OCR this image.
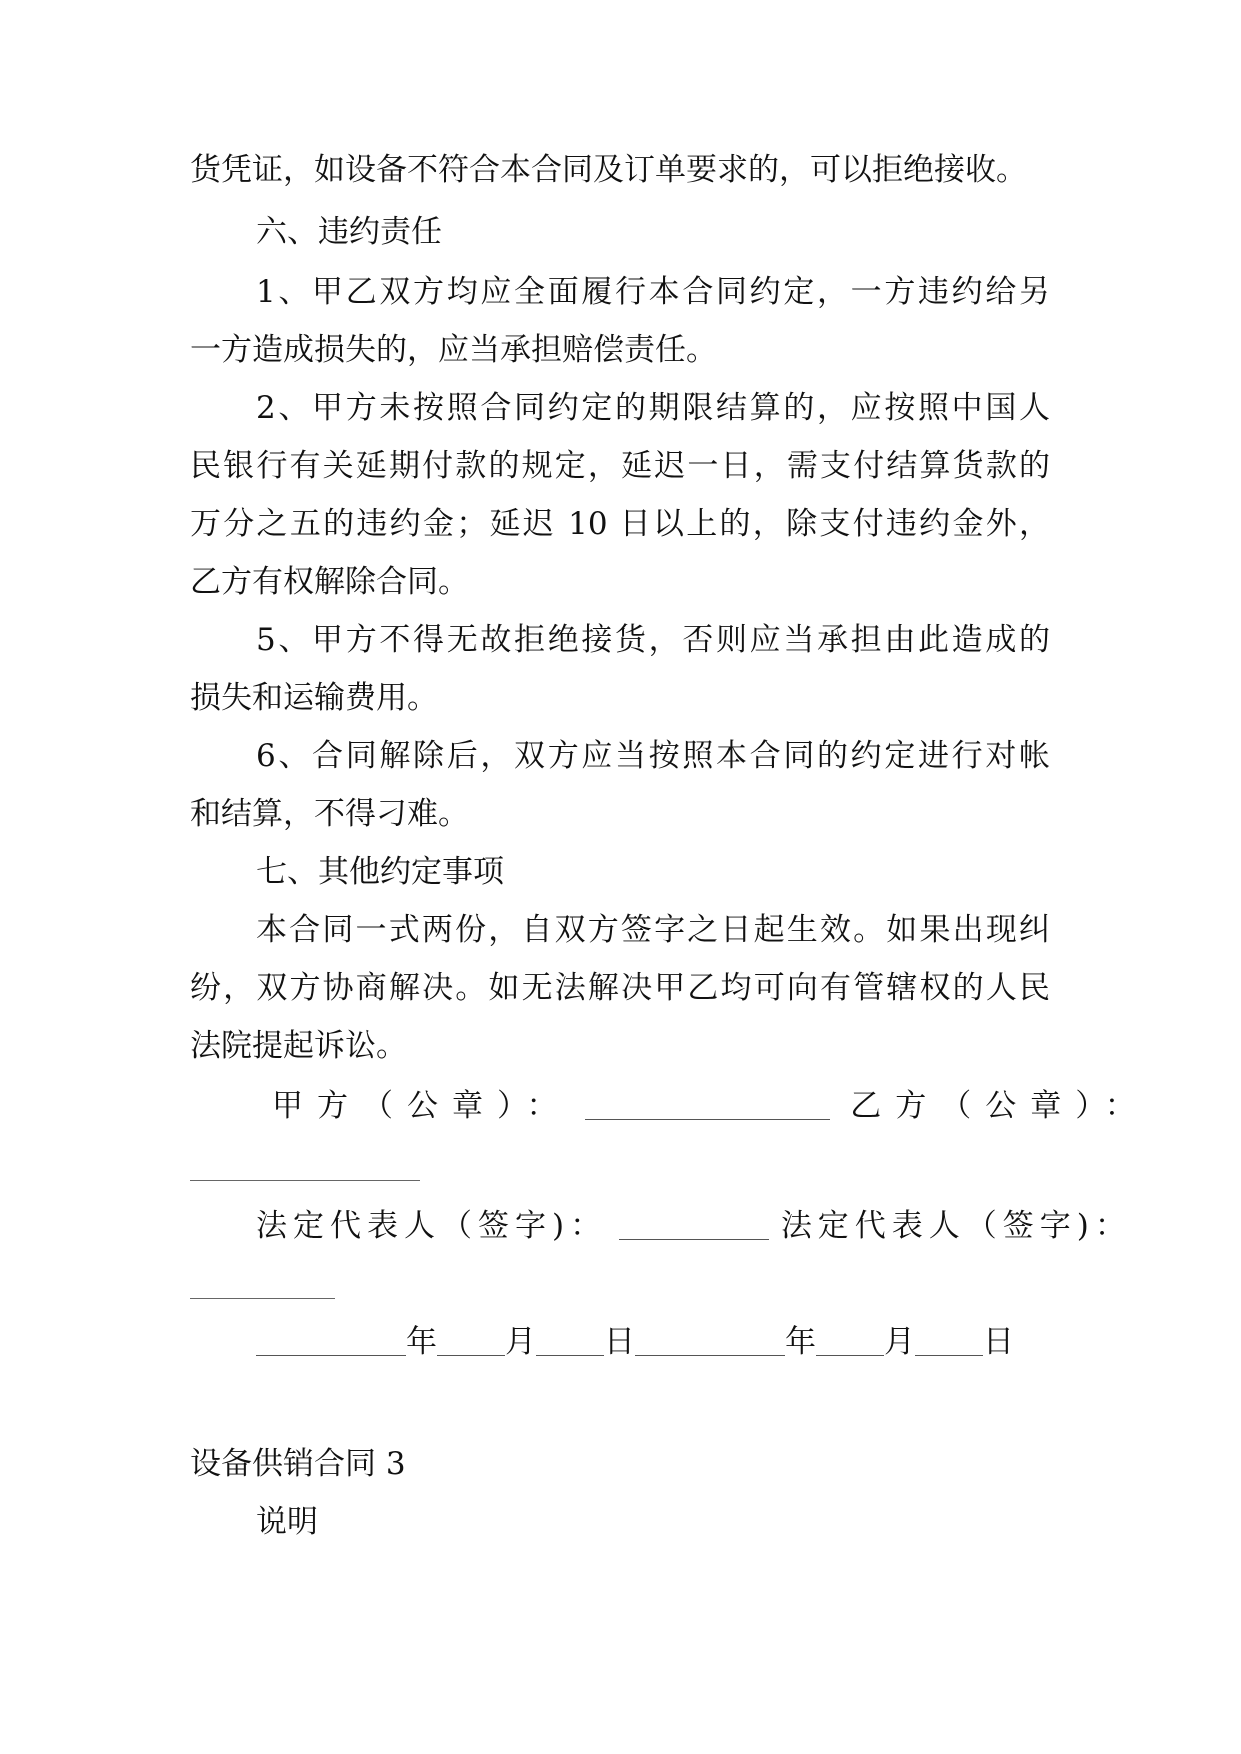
货凭证，如设备不符合本合同及订单要求的，可以拒绝接收。
六、违约责任
1、甲乙双方均应全面履行本合同约定，一方违约给另
一方造成损失的，应当承担赔偿责任。
2、甲方未按照合同约定的期限结算的，应按照中国人
民银行有关延期付款的规定，延迟一日，需支付结算货款的
万分之五的违约金；延迟 10 日以上的，除支付违约金外，
乙方有权解除合同。
5、甲方不得无故拒绝接货，否则应当承担由此造成的
损失和运输费用。
6、合同解除后，双方应当按照本合同的约定进行对帐
和结算，不得刁难。
七、其他约定事项
本合同一式两份，自双方签字之日起生效。如果出现纠
纷，双方协商解决。如无法解决甲乙均可向有管辖权的人民
法院提起诉讼。
甲方（公章）：	乙方（公章）：
法定代表人（签字)：	法定代表人（签字)：
年 月 日	年 月 日
设备供销合同 3
说明
